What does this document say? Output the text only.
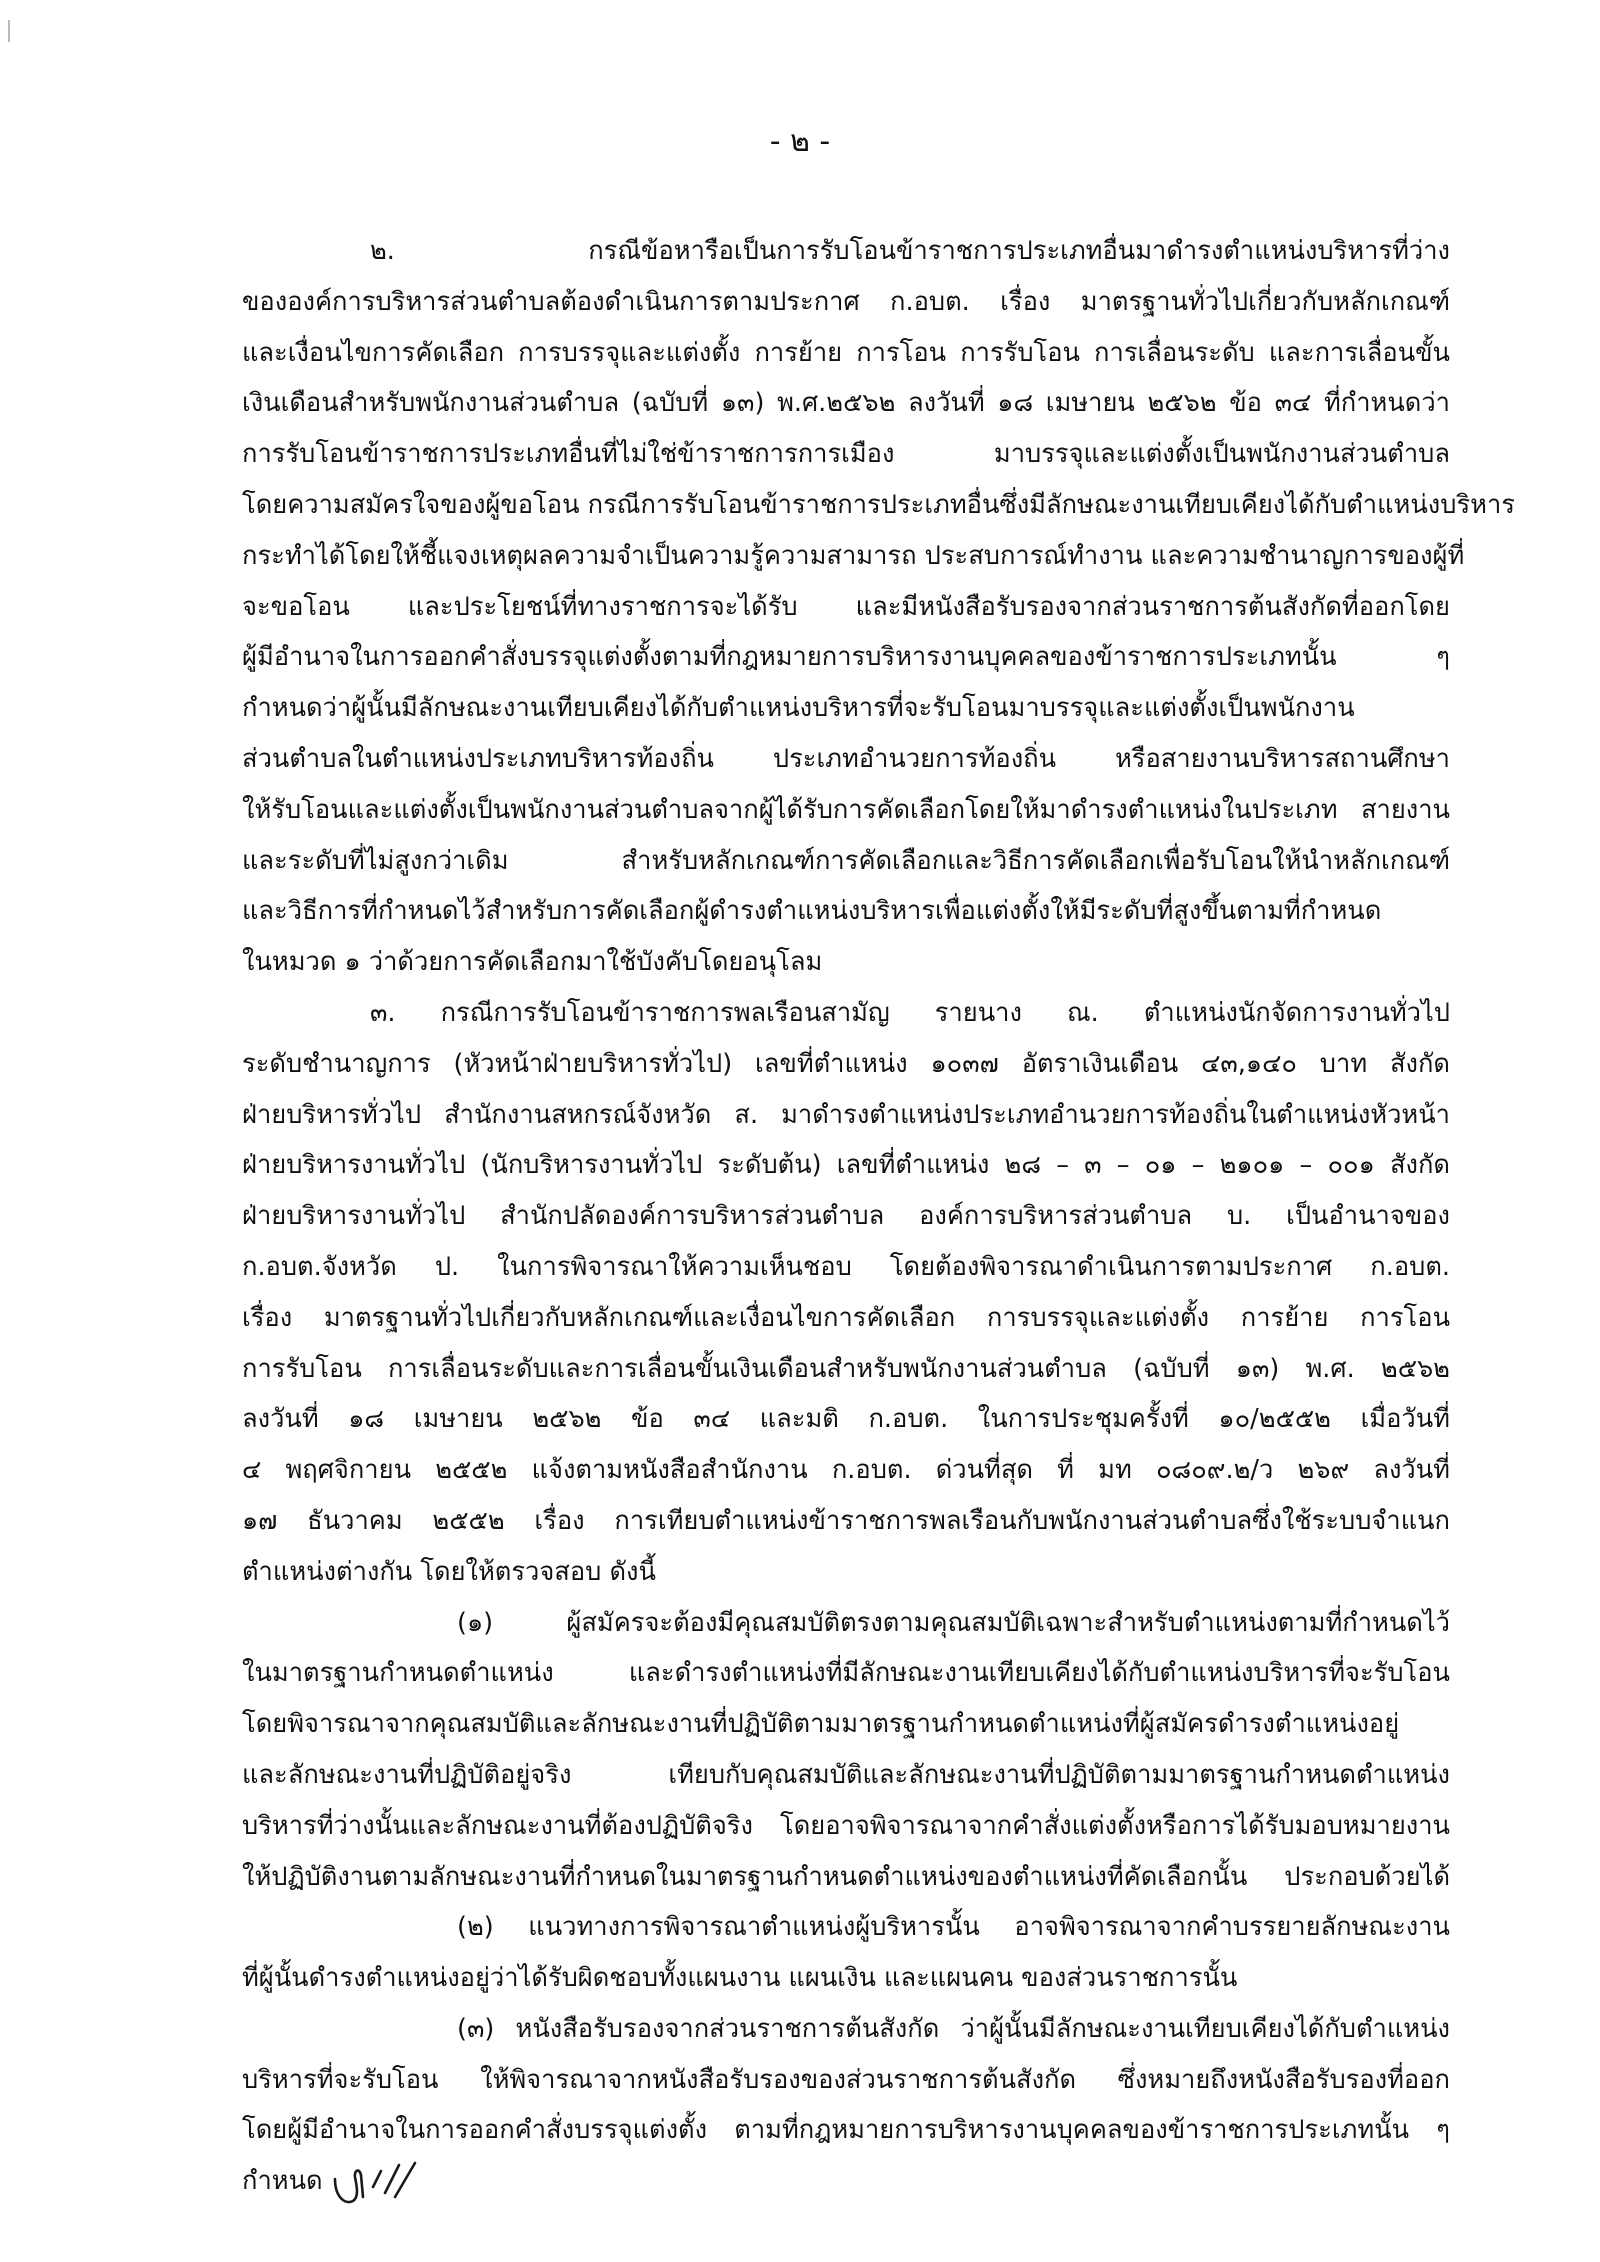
- ๒ -
๒. กรณีข้อหารือเป็นการรับโอนข้าราชการประเภทอื่นมาดำรงตำแหน่งบริหารที่ว่าง
ขององค์การบริหารส่วนตำบลต้องดำเนินการตามประกาศ ก.อบต. เรื่อง มาตรฐานทั่วไปเกี่ยวกับหลักเกณฑ์
และเงื่อนไขการคัดเลือก การบรรจุและแต่งตั้ง การย้าย การโอน การรับโอน การเลื่อนระดับ และการเลื่อนขั้น
เงินเดือนสำหรับพนักงานส่วนตำบล (ฉบับที่ ๑๓) พ.ศ.๒๕๖๒ ลงวันที่ ๑๘ เมษายน ๒๕๖๒ ข้อ ๓๔ ที่กำหนดว่า
การรับโอนข้าราชการประเภทอื่นที่ไม่ใช่ข้าราชการการเมือง มาบรรจุและแต่งตั้งเป็นพนักงานส่วนตำบล
โดยความสมัครใจของผู้ขอโอน กรณีการรับโอนข้าราชการประเภทอื่นซึ่งมีลักษณะงานเทียบเคียงได้กับตำแหน่งบริหาร
กระทำได้โดยให้ชี้แจงเหตุผลความจำเป็นความรู้ความสามารถ ประสบการณ์ทำงาน และความชำนาญการของผู้ที่
จะขอโอน และประโยชน์ที่ทางราชการจะได้รับ และมีหนังสือรับรองจากส่วนราชการต้นสังกัดที่ออกโดย
ผู้มีอำนาจในการออกคำสั่งบรรจุแต่งตั้งตามที่กฎหมายการบริหารงานบุคคลของข้าราชการประเภทนั้น ๆ
กำหนดว่าผู้นั้นมีลักษณะงานเทียบเคียงได้กับตำแหน่งบริหารที่จะรับโอนมาบรรจุและแต่งตั้งเป็นพนักงาน
ส่วนตำบลในตำแหน่งประเภทบริหารท้องถิ่น ประเภทอำนวยการท้องถิ่น หรือสายงานบริหารสถานศึกษา
ให้รับโอนและแต่งตั้งเป็นพนักงานส่วนตำบลจากผู้ได้รับการคัดเลือกโดยให้มาดำรงตำแหน่งในประเภท สายงาน
และระดับที่ไม่สูงกว่าเดิม สำหรับหลักเกณฑ์การคัดเลือกและวิธีการคัดเลือกเพื่อรับโอนให้นำหลักเกณฑ์
และวิธีการที่กำหนดไว้สำหรับการคัดเลือกผู้ดำรงตำแหน่งบริหารเพื่อแต่งตั้งให้มีระดับที่สูงขึ้นตามที่กำหนด
ในหมวด ๑ ว่าด้วยการคัดเลือกมาใช้บังคับโดยอนุโลม
๓. กรณีการรับโอนข้าราชการพลเรือนสามัญ รายนาง ณ. ตำแหน่งนักจัดการงานทั่วไป
ระดับชำนาญการ (หัวหน้าฝ่ายบริหารทั่วไป) เลขที่ตำแหน่ง ๑๐๓๗ อัตราเงินเดือน ๔๓,๑๔๐ บาท สังกัด
ฝ่ายบริหารทั่วไป สำนักงานสหกรณ์จังหวัด ส. มาดำรงตำแหน่งประเภทอำนวยการท้องถิ่นในตำแหน่งหัวหน้า
ฝ่ายบริหารงานทั่วไป (นักบริหารงานทั่วไป ระดับต้น) เลขที่ตำแหน่ง ๒๘ – ๓ – ๐๑ – ๒๑๐๑ – ๐๐๑ สังกัด
ฝ่ายบริหารงานทั่วไป สำนักปลัดองค์การบริหารส่วนตำบล องค์การบริหารส่วนตำบล บ. เป็นอำนาจของ
ก.อบต.จังหวัด ป. ในการพิจารณาให้ความเห็นชอบ โดยต้องพิจารณาดำเนินการตามประกาศ ก.อบต.
เรื่อง มาตรฐานทั่วไปเกี่ยวกับหลักเกณฑ์และเงื่อนไขการคัดเลือก การบรรจุและแต่งตั้ง การย้าย การโอน
การรับโอน การเลื่อนระดับและการเลื่อนขั้นเงินเดือนสำหรับพนักงานส่วนตำบล (ฉบับที่ ๑๓) พ.ศ. ๒๕๖๒
ลงวันที่ ๑๘ เมษายน ๒๕๖๒ ข้อ ๓๔ และมติ ก.อบต. ในการประชุมครั้งที่ ๑๐/๒๕๕๒ เมื่อวันที่
๔ พฤศจิกายน ๒๕๕๒ แจ้งตามหนังสือสำนักงาน ก.อบต. ด่วนที่สุด ที่ มท ๐๘๐๙.๒/ว ๒๖๙ ลงวันที่
๑๗ ธันวาคม ๒๕๕๒ เรื่อง การเทียบตำแหน่งข้าราชการพลเรือนกับพนักงานส่วนตำบลซึ่งใช้ระบบจำแนก
ตำแหน่งต่างกัน โดยให้ตรวจสอบ ดังนี้
(๑) ผู้สมัครจะต้องมีคุณสมบัติตรงตามคุณสมบัติเฉพาะสำหรับตำแหน่งตามที่กำหนดไว้
ในมาตรฐานกำหนดตำแหน่ง และดำรงตำแหน่งที่มีลักษณะงานเทียบเคียงได้กับตำแหน่งบริหารที่จะรับโอน
โดยพิจารณาจากคุณสมบัติและลักษณะงานที่ปฏิบัติตามมาตรฐานกำหนดตำแหน่งที่ผู้สมัครดำรงตำแหน่งอยู่
และลักษณะงานที่ปฏิบัติอยู่จริง เทียบกับคุณสมบัติและลักษณะงานที่ปฏิบัติตามมาตรฐานกำหนดตำแหน่ง
บริหารที่ว่างนั้นและลักษณะงานที่ต้องปฏิบัติจริง โดยอาจพิจารณาจากคำสั่งแต่งตั้งหรือการได้รับมอบหมายงาน
ให้ปฏิบัติงานตามลักษณะงานที่กำหนดในมาตรฐานกำหนดตำแหน่งของตำแหน่งที่คัดเลือกนั้น ประกอบด้วยได้
(๒) แนวทางการพิจารณาตำแหน่งผู้บริหารนั้น อาจพิจารณาจากคำบรรยายลักษณะงาน
ที่ผู้นั้นดำรงตำแหน่งอยู่ว่าได้รับผิดชอบทั้งแผนงาน แผนเงิน และแผนคน ของส่วนราชการนั้น
(๓) หนังสือรับรองจากส่วนราชการต้นสังกัด ว่าผู้นั้นมีลักษณะงานเทียบเคียงได้กับตำแหน่ง
บริหารที่จะรับโอน ให้พิจารณาจากหนังสือรับรองของส่วนราชการต้นสังกัด ซึ่งหมายถึงหนังสือรับรองที่ออก
โดยผู้มีอำนาจในการออกคำสั่งบรรจุแต่งตั้ง ตามที่กฎหมายการบริหารงานบุคคลของข้าราชการประเภทนั้น ๆ
กำหนด
